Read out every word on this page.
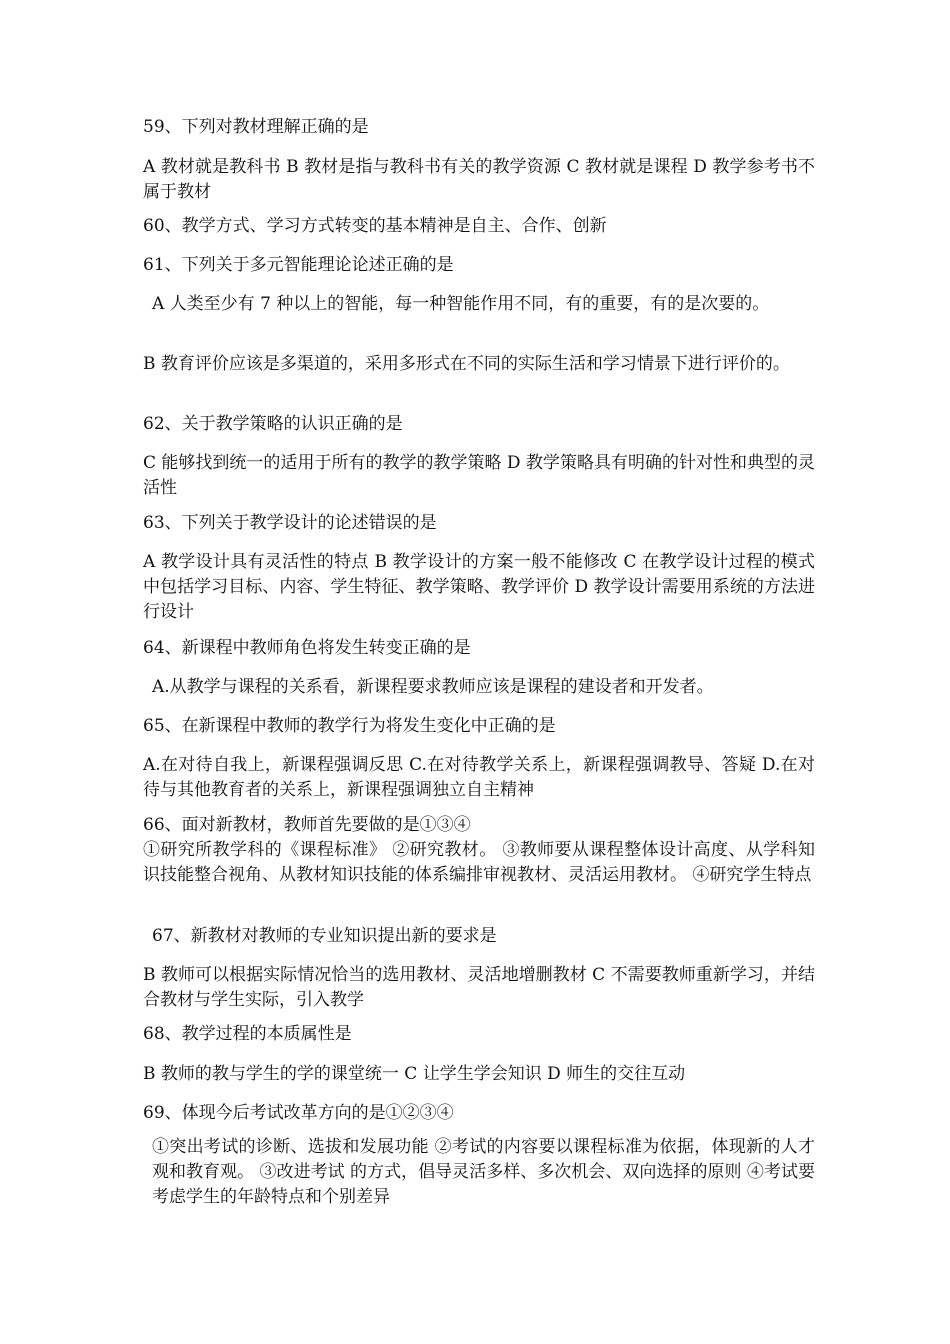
59、下列对教材理解正确的是

A 教材就是教科书 B 教材是指与教科书有关的教学资源 C 教材就是课程 D 教学参考书不属于教材

60、教学方式、学习方式转变的基本精神是自主、合作、创新

61、下列关于多元智能理论论述正确的是

A 人类至少有 7 种以上的智能，每一种智能作用不同，有的重要，有的是次要的。

B 教育评价应该是多渠道的，采用多形式在不同的实际生活和学习情景下进行评价的。

62、关于教学策略的认识正确的是

C 能够找到统一的适用于所有的教学的教学策略 D 教学策略具有明确的针对性和典型的灵活性

63、下列关于教学设计的论述错误的是

A 教学设计具有灵活性的特点 B 教学设计的方案一般不能修改 C 在教学设计过程的模式中包括学习目标、内容、学生特征、教学策略、教学评价 D 教学设计需要用系统的方法进行设计

64、新课程中教师角色将发生转变正确的是

A.从教学与课程的关系看，新课程要求教师应该是课程的建设者和开发者。

65、在新课程中教师的教学行为将发生变化中正确的是

A.在对待自我上，新课程强调反思 C.在对待教学关系上，新课程强调教导、答疑 D.在对待与其他教育者的关系上，新课程强调独立自主精神

66、面对新教材，教师首先要做的是①③④

①研究所教学科的《课程标准》 ②研究教材。 ③教师要从课程整体设计高度、从学科知识技能整合视角、从教材知识技能的体系编排审视教材、灵活运用教材。 ④研究学生特点

67、新教材对教师的专业知识提出新的要求是

B 教师可以根据实际情况恰当的选用教材、灵活地增删教材 C 不需要教师重新学习，并结合教材与学生实际，引入教学

68、教学过程的本质属性是

B 教师的教与学生的学的课堂统一 C 让学生学会知识 D 师生的交往互动

69、体现今后考试改革方向的是①②③④

①突出考试的诊断、选拔和发展功能 ②考试的内容要以课程标准为依据，体现新的人才观和教育观。 ③改进考试 的方式，倡导灵活多样、多次机会、双向选择的原则 ④考试要考虑学生的年龄特点和个别差异
